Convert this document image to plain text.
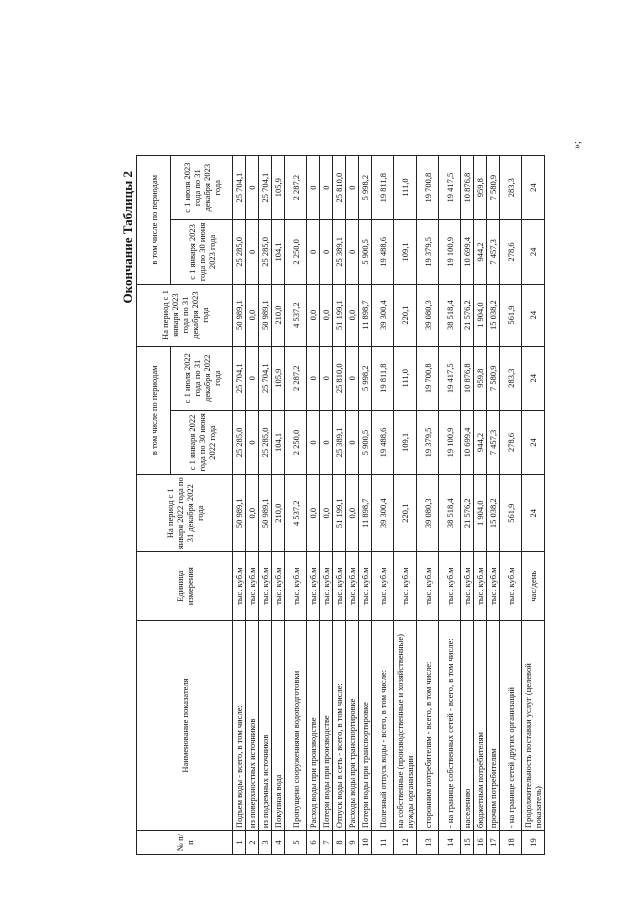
Окончание Таблицы 2
№ п/п	Наименование показателя	Единица измерения	На период с 1 января 2022 года по 31 декабря 2022 года	в том числе по периодам		На период с 1 января 2023 года по 31 декабря 2023 года	в том числе по периодам	
				с 1 января 2022 года по 30 июня 2022 года	с 1 июля 2022 года по 31 декабря 2022 года		с 1 января 2023 года по 30 июня 2023 года	с 1 июля 2023 года по 31 декабря 2023 года
1	Подъем воды - всего, в том числе:	тыс. куб.м	50 989,1	25 285,0	25 704,1	50 989,1	25 285,0	25 704,1
2	из поверхностных источников	тыс. куб.м	0,0	0	0	0,0	0	0
3	из подземных источников	тыс. куб.м	50 989,1	25 285,0	25 704,1	50 989,1	25 285,0	25 704,1
4	Покупная вода	тыс. куб.м	210,0	104,1	105,9	210,0	104,1	105,9
5	Пропущено сооружениями водоподготовки	тыс. куб.м	4 537,2	2 250,0	2 287,2	4 537,2	2 250,0	2 287,2
6	Расход воды при производстве	тыс. куб.м	0,0	0	0	0,0	0	0
7	Потери воды при производстве	тыс. куб.м	0,0	0	0	0,0	0	0
8	Отпуск воды в сеть - всего, в том числе:	тыс. куб.м	51 199,1	25 389,1	25 810,0	51 199,1	25 389,1	25 810,0
9	Расходы воды при транспортировке	тыс. куб.м	0,0	0	0	0,0	0	0
10	Потери воды при транспортировке	тыс. куб.м	11 898,7	5 900,5	5 998,2	11 898,7	5 900,5	5 998,2
11	Полезный отпуск воды - всего, в том числе:	тыс. куб.м	39 300,4	19 488,6	19 811,8	39 300,4	19 488,6	19 811,8
12	на собственные (производственные и хозяйственные) нужды организации	тыс. куб.м	220,1	109,1	111,0	220,1	109,1	111,0
13	сторонним потребителям - всего, в том числе:	тыс. куб.м	39 080,3	19 379,5	19 700,8	39 080,3	19 379,5	19 700,8
14	- на границе собственных сетей - всего, в том числе:	тыс. куб.м	38 518,4	19 100,9	19 417,5	38 518,4	19 100,9	19 417,5
15	населению	тыс. куб.м	21 576,2	10 699,4	10 876,8	21 576,2	10 699,4	10 876,8
16	бюджетным потребителям	тыс. куб.м	1 904,0	944,2	959,8	1 904,0	944,2	959,8
17	прочим потребителям	тыс. куб.м	15 038,2	7 457,3	7 580,9	15 038,2	7 457,3	7 580,9
18	- на границе сетей других организаций	тыс. куб.м	561,9	278,6	283,3	561,9	278,6	283,3
19	Продолжительность поставки услуг (целевой показатель)	час/день	24	24	24	24	24	24
»;
